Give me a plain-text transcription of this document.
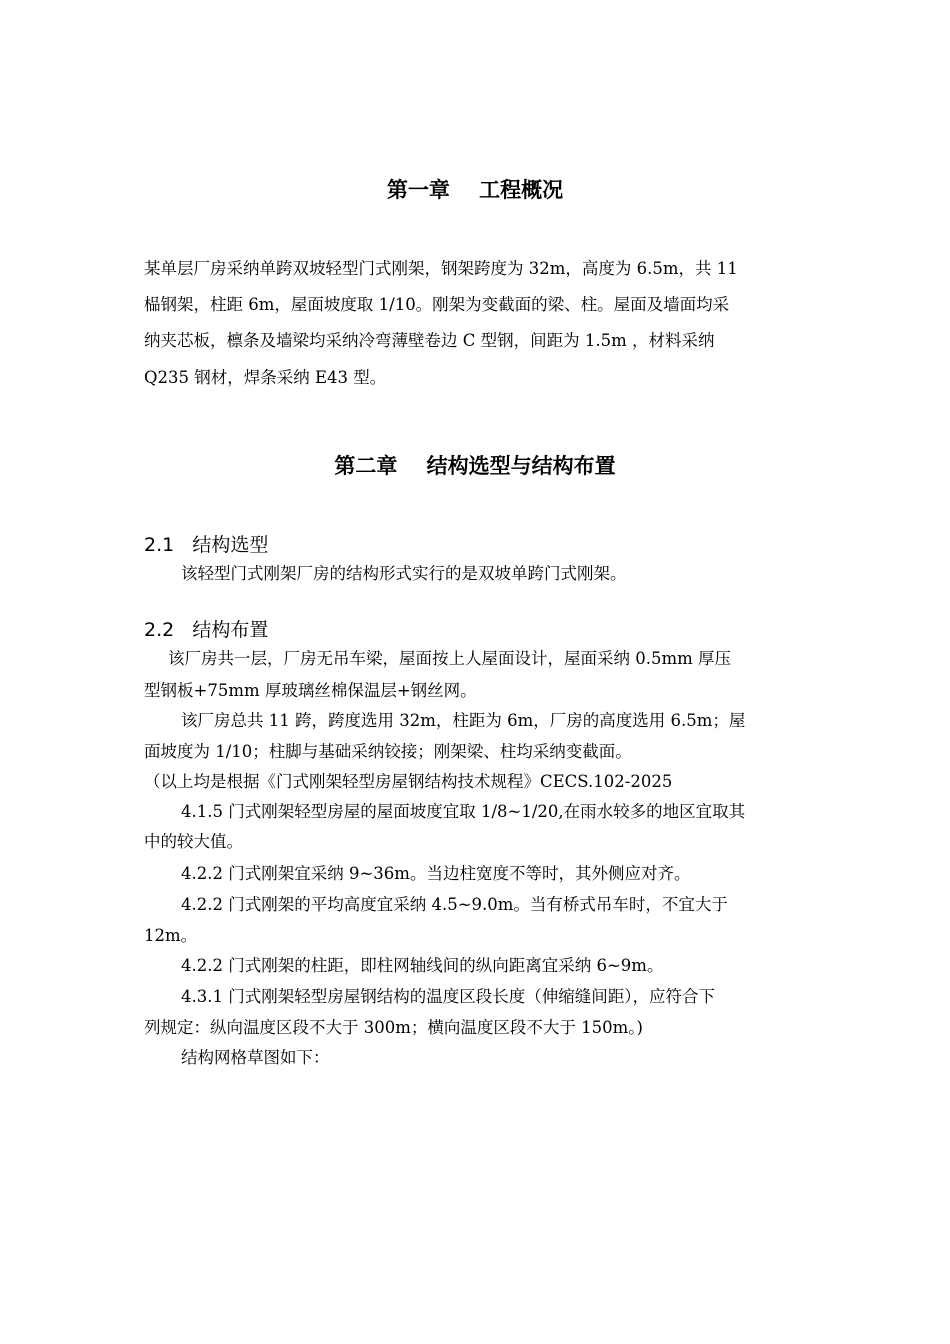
第一章    工程概况
某单层厂房采纳单跨双坡轻型门式刚架，钢架跨度为 32m，高度为 6.5m，共 11
榀钢架，柱距 6m，屋面坡度取 1/10。刚架为变截面的梁、柱。屋面及墙面均采
纳夹芯板，檩条及墙梁均采纳冷弯薄壁卷边 C 型钢，间距为 1.5m ，材料采纳
Q235 钢材，焊条采纳 E43 型。
第二章    结构选型与结构布置
2.1   结构选型
该轻型门式刚架厂房的结构形式实行的是双坡单跨门式刚架。
2.2   结构布置
该厂房共一层，厂房无吊车梁，屋面按上人屋面设计，屋面采纳 0.5mm 厚压
型钢板+75mm 厚玻璃丝棉保温层+钢丝网。
该厂房总共 11 跨，跨度选用 32m，柱距为 6m，厂房的高度选用 6.5m；屋
面坡度为 1/10；柱脚与基础采纳铰接；刚架梁、柱均采纳变截面。
（以上均是根据《门式刚架轻型房屋钢结构技术规程》CECS.102-2025
4.1.5 门式刚架轻型房屋的屋面坡度宜取 1/8~1/20,在雨水较多的地区宜取其
中的较大值。
4.2.2 门式刚架宜采纳 9~36m。当边柱宽度不等时，其外侧应对齐。
4.2.2 门式刚架的平均高度宜采纳 4.5~9.0m。当有桥式吊车时，不宜大于
12m。
4.2.2 门式刚架的柱距，即柱网轴线间的纵向距离宜采纳 6~9m。
4.3.1 门式刚架轻型房屋钢结构的温度区段长度（伸缩缝间距），应符合下
列规定：纵向温度区段不大于 300m；横向温度区段不大于 150m。)
结构网格草图如下：
